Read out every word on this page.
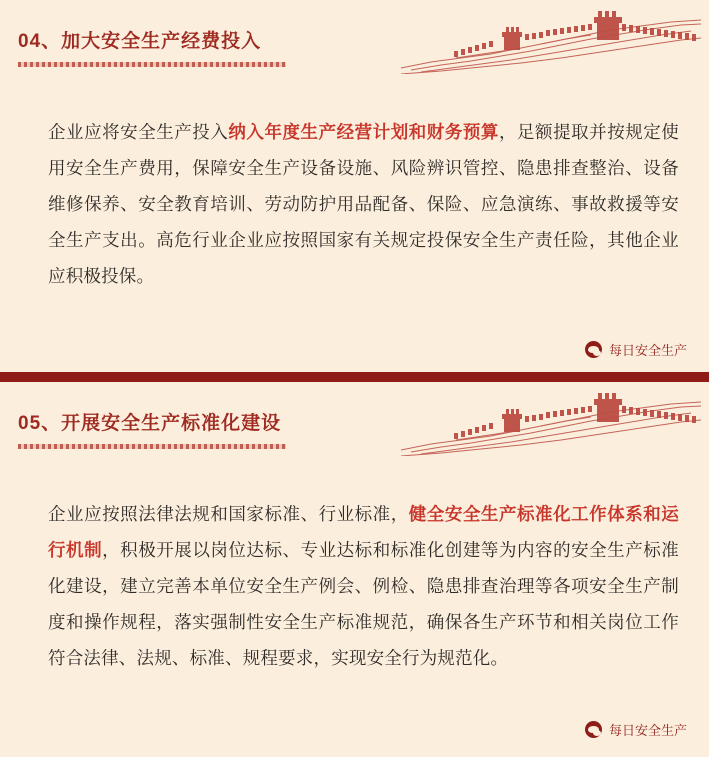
04、加大安全生产经费投入

企业应将安全生产投入纳入年度生产经营计划和财务预算，足额提取并按规定使用安全生产费用，保障安全生产设备设施、风险辨识管控、隐患排查整治、设备维修保养、安全教育培训、劳动防护用品配备、保险、应急演练、事故救援等安全生产支出。高危行业企业应按照国家有关规定投保安全生产责任险，其他企业应积极投保。

每日安全生产
05、开展安全生产标准化建设

企业应按照法律法规和国家标准、行业标准，健全安全生产标准化工作体系和运行机制，积极开展以岗位达标、专业达标和标准化创建等为内容的安全生产标准化建设，建立完善本单位安全生产例会、例检、隐患排查治理等各项安全生产制度和操作规程，落实强制性安全生产标准规范，确保各生产环节和相关岗位工作符合法律、法规、标准、规程要求，实现安全行为规范化。

每日安全生产
